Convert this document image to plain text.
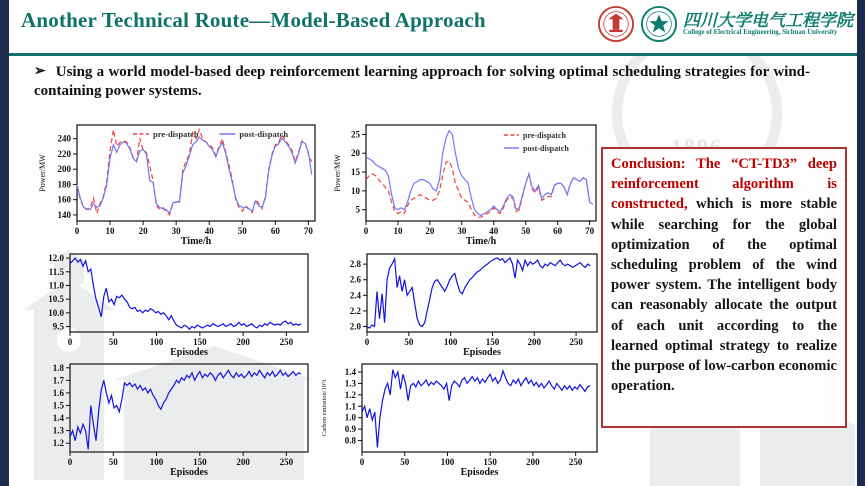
Another Technical Route—Model-Based Approach	四川大学电气工程学院
College of Electrical Engineering, Sichuan University
➢ Using a world model-based deep reinforcement learning approach for solving optimal scheduling strategies for wind-containing power systems.
140
160
180
200
220
240
0	10	20	30	40	50	60	70
Time/h
Power/MW
pre-dispatch	post-dispatch
5
10
15
20
25
0	10	20	30	40	50	60	70
Time/h
Power/MW
pre-dispatch
post-dispatch
9.5
10.0
10.5
11.0
11.5
12.0
0	50	100	150	200	250
Episodes
2.0
2.2
2.4
2.6
2.8
0	50	100	150	200	250
Episodes
1.2
1.3
1.4
1.5
1.6
1.7
1.8
0	50	100	150	200	250
Episodes
0.8
0.9
1.0
1.1
1.2
1.3
1.4
0	50	100	150	200	250
Episodes
Carbon emission/10⁷t
Conclusion: The “CT-TD3” deep reinforcement algorithm is constructed, which is more stable while searching for the global optimization of the optimal scheduling problem of the wind power system. The intelligent body can reasonably allocate the output of each unit according to the learned optimal strategy to realize the purpose of low-carbon economic operation.
